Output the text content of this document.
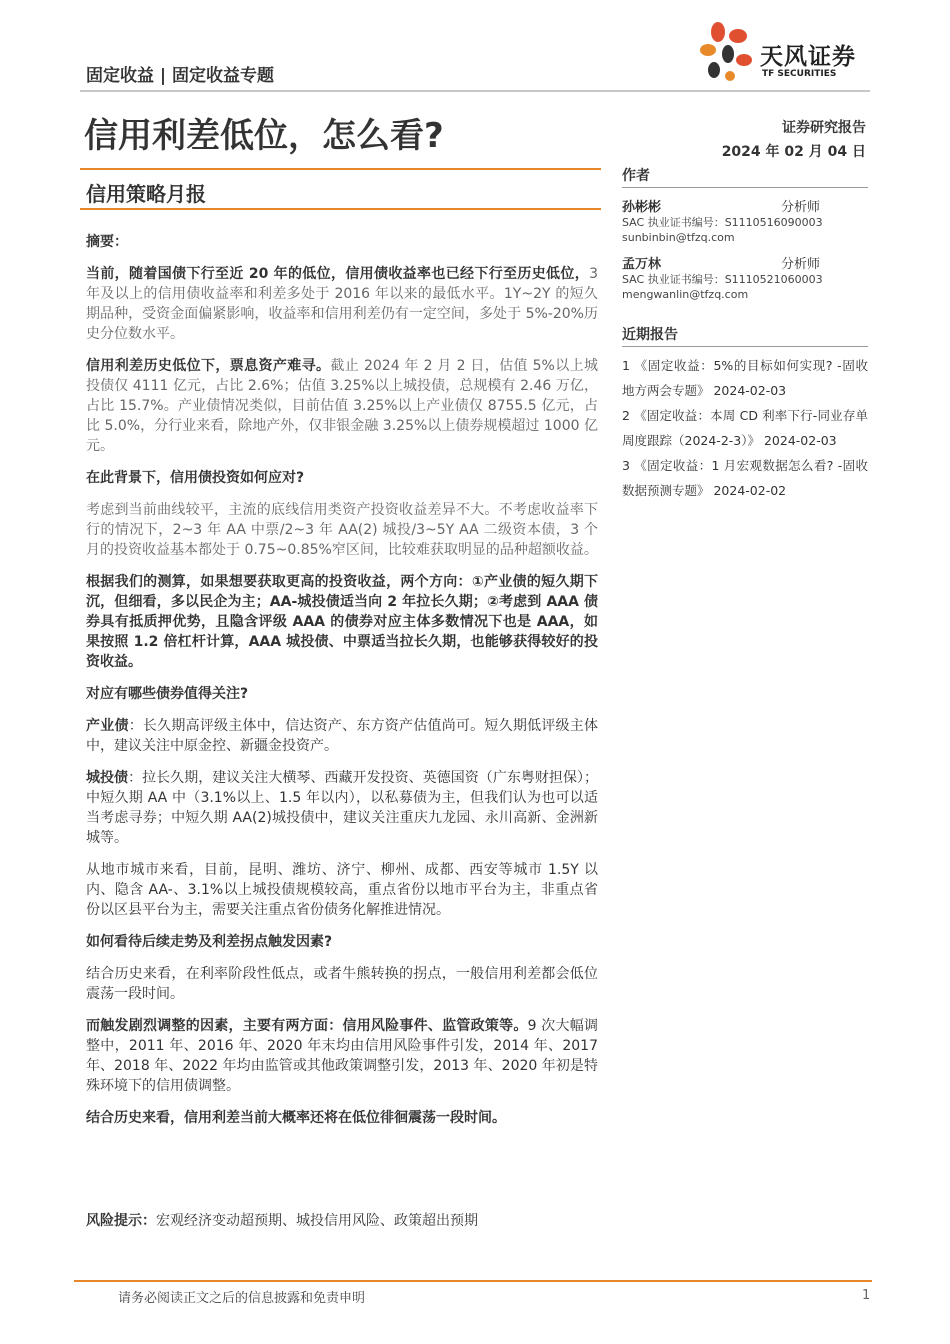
固定收益 | 固定收益专题
天风证券
TF SECURITIES
信用利差低位，怎么看?	证券研究报告
2024 年 02 月 04 日
信用策略月报

摘要：

当前，随着国债下行至近 20 年的低位，信用债收益率也已经下行至历史低位，3 年及以上的信用债收益率和利差多处于 2016 年以来的最低水平。1Y~2Y 的短久期品种，受资金面偏紧影响，收益率和信用利差仍有一定空间，多处于 5%-20%历史分位数水平。

信用利差历史低位下，票息资产难寻。截止 2024 年 2 月 2 日，估值 5%以上城投债仅 4111 亿元，占比 2.6%；估值 3.25%以上城投债，总规模有 2.46 万亿，占比 15.7%。产业债情况类似，目前估值 3.25%以上产业债仅 8755.5 亿元，占比 5.0%，分行业来看，除地产外，仅非银金融 3.25%以上债券规模超过 1000 亿元。

在此背景下，信用债投资如何应对?

考虑到当前曲线较平，主流的底线信用类资产投资收益差异不大。不考虑收益率下行的情况下，2~3 年 AA 中票/2~3 年 AA(2) 城投/3~5Y AA 二级资本债，3 个月的投资收益基本都处于 0.75~0.85%窄区间，比较难获取明显的品种超额收益。

根据我们的测算，如果想要获取更高的投资收益，两个方向：①产业债的短久期下沉，但细看，多以民企为主；AA-城投债适当向 2 年拉长久期；②考虑到 AAA 债券具有抵质押优势，且隐含评级 AAA 的债券对应主体多数情况下也是 AAA，如果按照 1.2 倍杠杆计算，AAA 城投债、中票适当拉长久期，也能够获得较好的投资收益。

对应有哪些债券值得关注?

产业债：长久期高评级主体中，信达资产、东方资产估值尚可。短久期低评级主体中，建议关注中原金控、新疆金投资产。

城投债：拉长久期，建议关注大横琴、西藏开发投资、英德国资（广东粤财担保）；中短久期 AA 中（3.1%以上、1.5 年以内），以私募债为主，但我们认为也可以适当考虑寻券；中短久期 AA(2)城投债中，建议关注重庆九龙园、永川高新、金洲新城等。

从地市城市来看，目前，昆明、潍坊、济宁、柳州、成都、西安等城市 1.5Y 以内、隐含 AA-、3.1%以上城投债规模较高，重点省份以地市平台为主，非重点省份以区县平台为主，需要关注重点省份债务化解推进情况。

如何看待后续走势及利差拐点触发因素?

结合历史来看，在利率阶段性低点，或者牛熊转换的拐点，一般信用利差都会低位震荡一段时间。

而触发剧烈调整的因素，主要有两方面：信用风险事件、监管政策等。9 次大幅调整中，2011 年、2016 年、2020 年末均由信用风险事件引发，2014 年、2017 年、2018 年、2022 年均由监管或其他政策调整引发，2013 年、2020 年初是特殊环境下的信用债调整。

结合历史来看，信用利差当前大概率还将在低位徘徊震荡一段时间。

作者
孙彬彬	分析师
SAC 执业证书编号：S1110516090003
sunbinbin@tfzq.com
孟万林	分析师
SAC 执业证书编号：S1110521060003
mengwanlin@tfzq.com
近期报告
1 《固定收益：5%的目标如何实现? -固收地方两会专题》 2024-02-03
2 《固定收益：本周 CD 利率下行-同业存单周度跟踪（2024-2-3）》 2024-02-03
3 《固定收益：1 月宏观数据怎么看? -固收数据预测专题》 2024-02-02
风险提示：宏观经济变动超预期、城投信用风险、政策超出预期
请务必阅读正文之后的信息披露和免责申明	1
